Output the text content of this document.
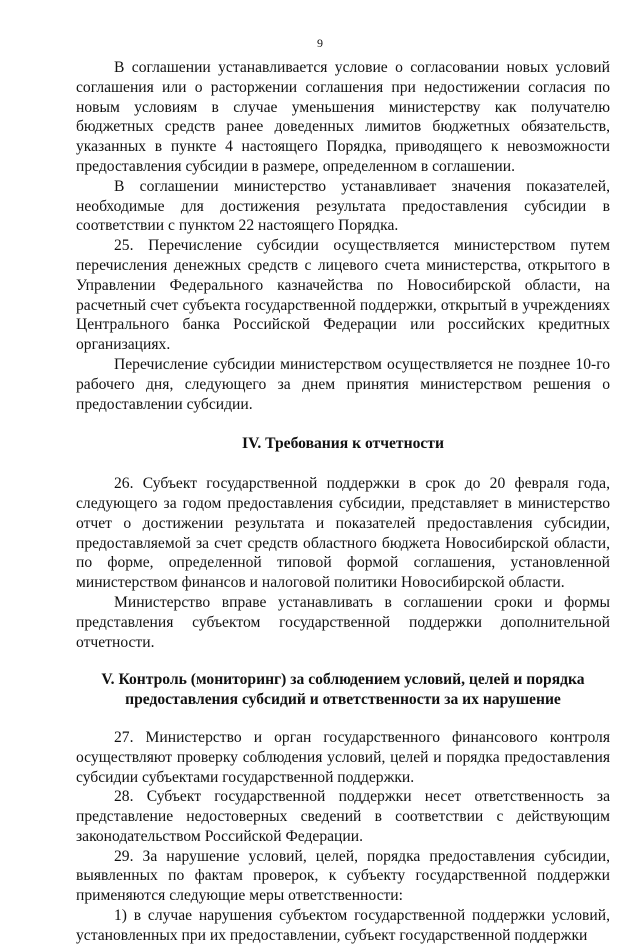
9

В соглашении устанавливается условие о согласовании новых условий соглашения или о расторжении соглашения при недостижении согласия по новым условиям в случае уменьшения министерству как получателю бюджетных средств ранее доведенных лимитов бюджетных обязательств, указанных в пункте 4 настоящего Порядка, приводящего к невозможности предоставления субсидии в размере, определенном в соглашении.

В соглашении министерство устанавливает значения показателей, необходимые для достижения результата предоставления субсидии в соответствии с пунктом 22 настоящего Порядка.

25. Перечисление субсидии осуществляется министерством путем перечисления денежных средств с лицевого счета министерства, открытого в Управлении Федерального казначейства по Новосибирской области, на расчетный счет субъекта государственной поддержки, открытый в учреждениях Центрального банка Российской Федерации или российских кредитных организациях.

Перечисление субсидии министерством осуществляется не позднее 10-го рабочего дня, следующего за днем принятия министерством решения о предоставлении субсидии.

IV. Требования к отчетности

26. Субъект государственной поддержки в срок до 20 февраля года, следующего за годом предоставления субсидии, представляет в министерство отчет о достижении результата и показателей предоставления субсидии, предоставляемой за счет средств областного бюджета Новосибирской области, по форме, определенной типовой формой соглашения, установленной министерством финансов и налоговой политики Новосибирской области.

Министерство вправе устанавливать в соглашении сроки и формы представления субъектом государственной поддержки дополнительной отчетности.

V. Контроль (мониторинг) за соблюдением условий, целей и порядка
предоставления субсидий и ответственности за их нарушение

27. Министерство и орган государственного финансового контроля осуществляют проверку соблюдения условий, целей и порядка предоставления субсидии субъектами государственной поддержки.

28. Субъект государственной поддержки несет ответственность за представление недостоверных сведений в соответствии с действующим законодательством Российской Федерации.

29. За нарушение условий, целей, порядка предоставления субсидии, выявленных по фактам проверок, к субъекту государственной поддержки применяются следующие меры ответственности:

1) в случае нарушения субъектом государственной поддержки условий, установленных при их предоставлении, субъект государственной поддержки
